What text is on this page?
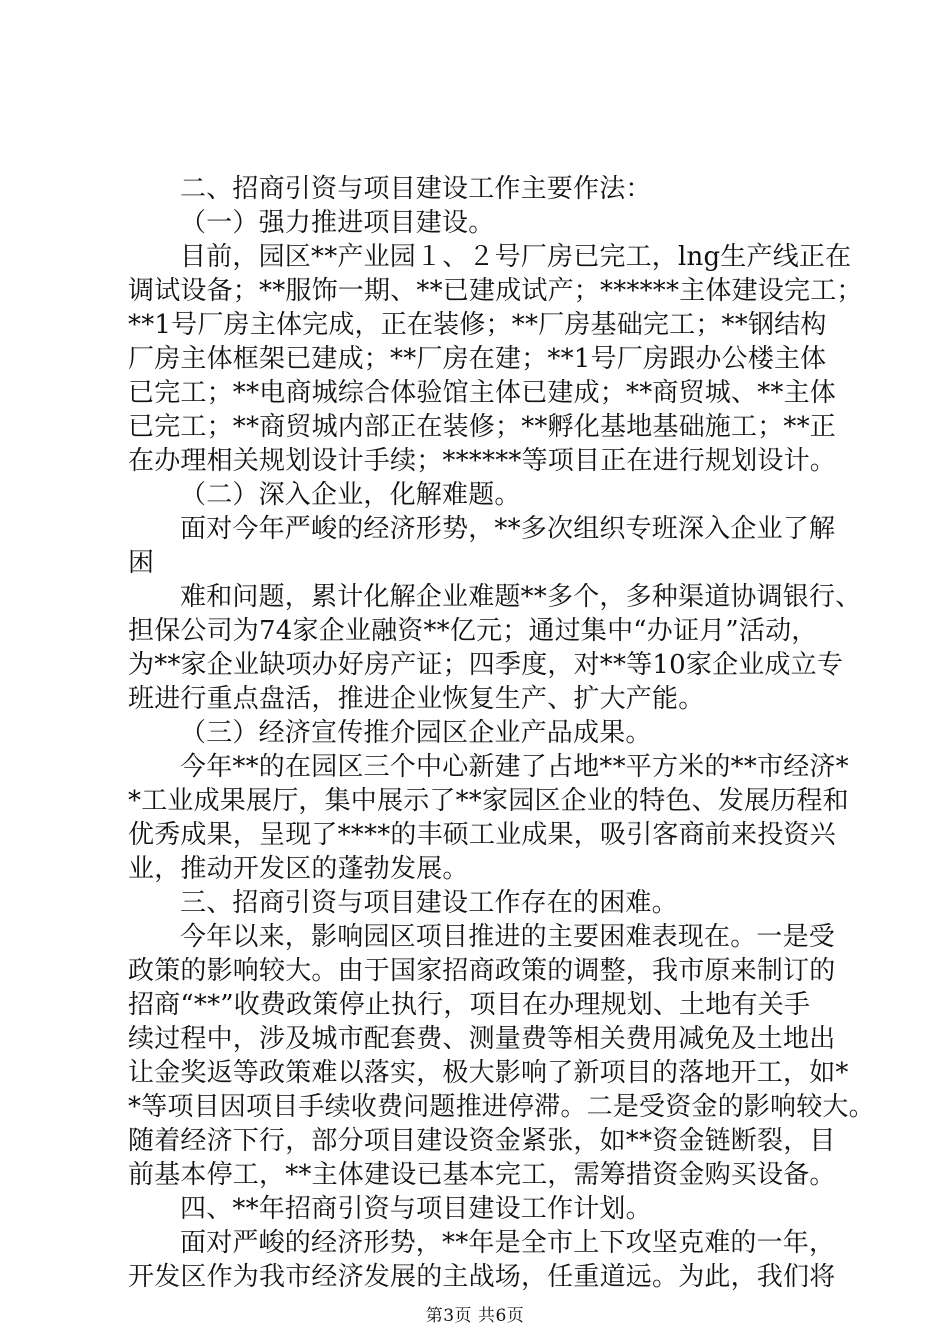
二、招商引资与项目建设工作主要作法：
（一）强力推进项目建设。
目前，园区**产业园１、２号厂房已完工，lng生产线正在
调试设备；**服饰一期、**已建成试产；******主体建设完工；
**1号厂房主体完成，正在装修；**厂房基础完工；**钢结构
厂房主体框架已建成；**厂房在建；**1号厂房跟办公楼主体
已完工；**电商城综合体验馆主体已建成；**商贸城、**主体
已完工；**商贸城内部正在装修；**孵化基地基础施工；**正
在办理相关规划设计手续；******等项目正在进行规划设计。
（二）深入企业，化解难题。
面对今年严峻的经济形势，**多次组织专班深入企业了解
困
难和问题，累计化解企业难题**多个，多种渠道协调银行、
担保公司为74家企业融资**亿元；通过集中“办证月”活动，
为**家企业缺项办好房产证；四季度，对**等10家企业成立专
班进行重点盘活，推进企业恢复生产、扩大产能。
（三）经济宣传推介园区企业产品成果。
今年**的在园区三个中心新建了占地**平方米的**市经济*
*工业成果展厅，集中展示了**家园区企业的特色、发展历程和
优秀成果，呈现了****的丰硕工业成果，吸引客商前来投资兴
业，推动开发区的蓬勃发展。
三、招商引资与项目建设工作存在的困难。
今年以来，影响园区项目推进的主要困难表现在。一是受
政策的影响较大。由于国家招商政策的调整，我市原来制订的
招商“**”收费政策停止执行，项目在办理规划、土地有关手
续过程中，涉及城市配套费、测量费等相关费用减免及土地出
让金奖返等政策难以落实，极大影响了新项目的落地开工，如*
*等项目因项目手续收费问题推进停滞。二是受资金的影响较大。
随着经济下行，部分项目建设资金紧张，如**资金链断裂，目
前基本停工，**主体建设已基本完工，需筹措资金购买设备。
四、**年招商引资与项目建设工作计划。
面对严峻的经济形势，**年是全市上下攻坚克难的一年，
开发区作为我市经济发展的主战场，任重道远。为此，我们将
第3页 共6页
